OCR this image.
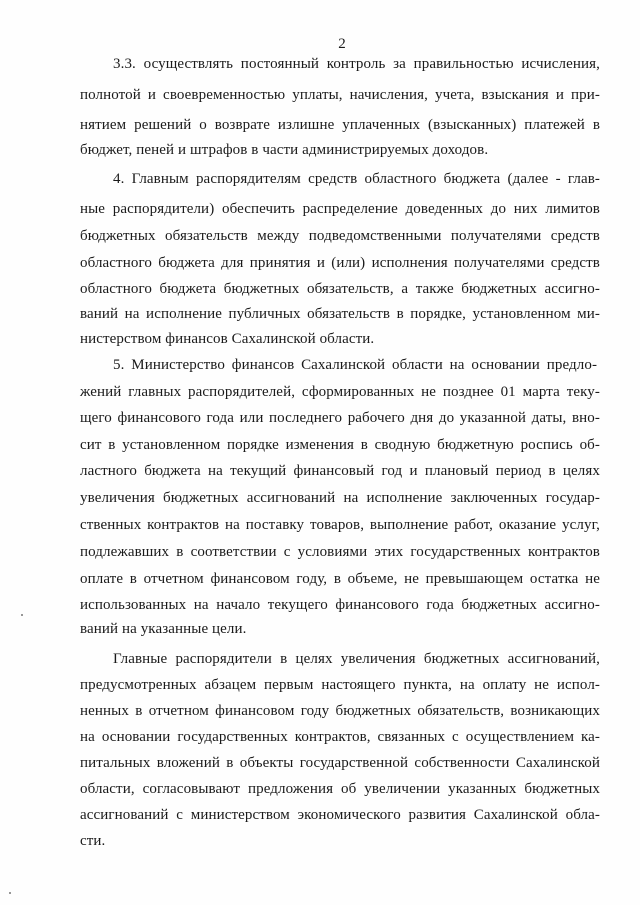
2
3.3. осуществлять постоянный контроль за правильностью исчисления,
полнотой и своевременностью уплаты, начисления, учета, взыскания и при-
нятием решений о возврате излишне уплаченных (взысканных) платежей в
бюджет, пеней и штрафов в части администрируемых доходов.
4. Главным распорядителям средств областного бюджета (далее - глав-
ные распорядители) обеспечить распределение доведенных до них лимитов
бюджетных обязательств между подведомственными получателями средств
областного бюджета для принятия и (или) исполнения получателями средств
областного бюджета бюджетных обязательств, а также бюджетных ассигно-
ваний на исполнение публичных обязательств в порядке, установленном ми-
нистерством финансов Сахалинской области.
5. Министерство финансов Сахалинской области на основании предло-
жений главных распорядителей, сформированных не позднее 01 марта теку-
щего финансового года или последнего рабочего дня до указанной даты, вно-
сит в установленном порядке изменения в сводную бюджетную роспись об-
ластного бюджета на текущий финансовый год и плановый период в целях
увеличения бюджетных ассигнований на исполнение заключенных государ-
ственных контрактов на поставку товаров, выполнение работ, оказание услуг,
подлежавших в соответствии с условиями этих государственных контрактов
оплате в отчетном финансовом году, в объеме, не превышающем остатка не
использованных на начало текущего финансового года бюджетных ассигно-
ваний на указанные цели.
Главные распорядители в целях увеличения бюджетных ассигнований,
предусмотренных абзацем первым настоящего пункта, на оплату не испол-
ненных в отчетном финансовом году бюджетных обязательств, возникающих
на основании государственных контрактов, связанных с осуществлением ка-
питальных вложений в объекты государственной собственности Сахалинской
области, согласовывают предложения об увеличении указанных бюджетных
ассигнований с министерством экономического развития Сахалинской обла-
сти.
